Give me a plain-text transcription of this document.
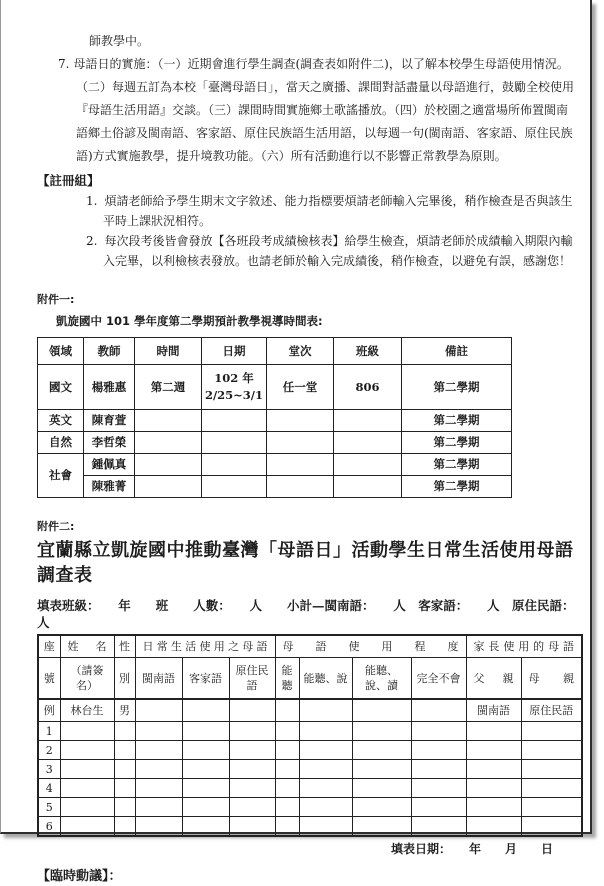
師教學中。

7. 母語日的實施：（一）近期會進行學生調查(調查表如附件二)，以了解本校學生母語使用情況。（二）每週五訂為本校「臺灣母語日」，當天之廣播、課間對話盡量以母語進行，鼓勵全校使用『母語生活用語』交談。（三）課間時間實施鄉土歌謠播放。（四）於校園之適當場所佈置閩南語鄉土俗諺及閩南語、客家語、原住民族語生活用語，以每週一句(閩南語、客家語、原住民族語)方式實施教學，提升境教功能。（六）所有活動進行以不影響正常教學為原則。

【註冊組】

1. 煩請老師給予學生期末文字敘述、能力指標要煩請老師輸入完畢後，稍作檢查是否與該生平時上課狀況相符。

2. 每次段考後皆會發放【各班段考成績檢核表】給學生檢查，煩請老師於成績輸入期限內輸入完畢，以利檢核表發放。也請老師於輸入完成績後，稍作檢查，以避免有誤，感謝您！

附件一:

凱旋國中 101 學年度第二學期預計教學視導時間表:

領域	教師	時間	日期	堂次	班級	備註
國文	楊雅惠	第二週	102 年
2/25~3/1	任一堂	806	第二學期
英文	陳育萱					第二學期
自然	李哲榮					第二學期
社會	鍾佩真					第二學期
	陳雅菁					第二學期

附件二:

宜蘭縣立凱旋國中推動臺灣「母語日」活動學生日常生活使用母語調查表

填表班級：　　年　　班　　人數：　　人　　小計—閩南語：　　人　客家語：　　人　原住民語：　　人

座	姓　名	性	日常生活使用之母語			母語使用程度				家長使用的母語	
號	（請簽名）	別	閩南語	客家語	原住民語	能聽	能聽、說	能聽、說、讀	完全不會	父　親	母　親
例	林台生	男								閩南語	原住民語
1											
2											
3											
4											
5											
6											

填表日期：　　年　　月　　日

【臨時動議】：
